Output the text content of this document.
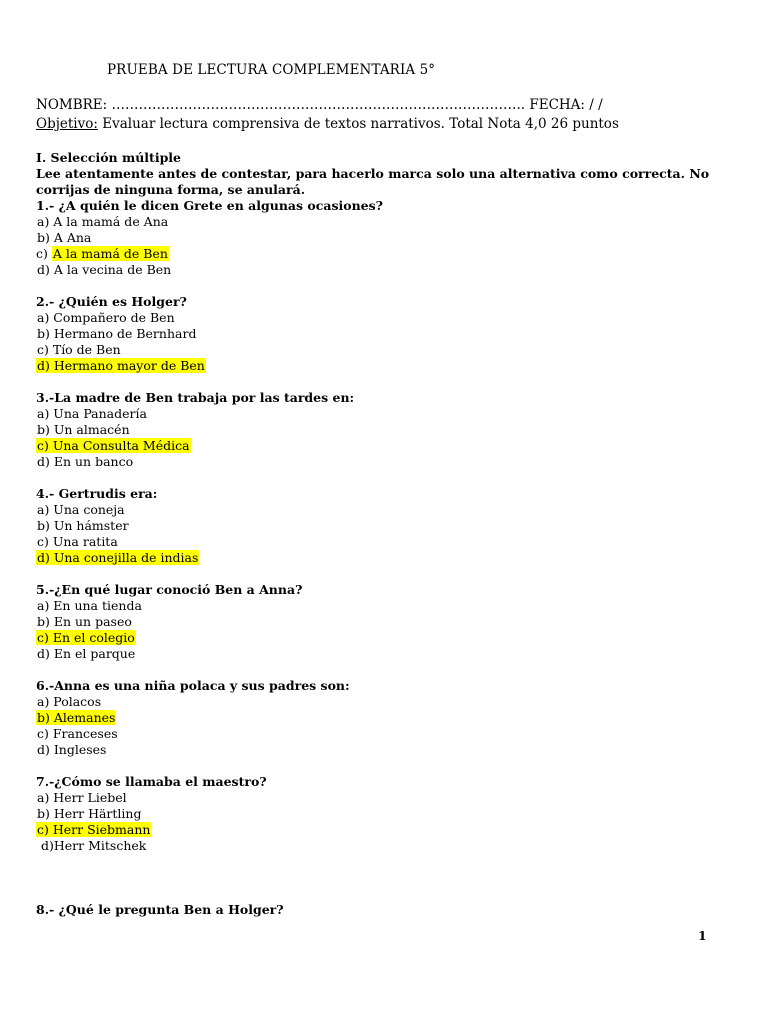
PRUEBA DE LECTURA COMPLEMENTARIA 5°
NOMBRE: ……………………………………………………………………………….. FECHA: / /
Objetivo: Evaluar lectura comprensiva de textos narrativos. Total Nota 4,0 26 puntos
I. Selección múltiple
Lee atentamente antes de contestar, para hacerlo marca solo una alternativa como correcta. No corrijas de ninguna forma, se anulará.
1.- ¿A quién le dicen Grete en algunas ocasiones?
a) A la mamá de Ana
b) A Ana
c) A la mamá de Ben
d) A la vecina de Ben
2.- ¿Quién es Holger?
a) Compañero de Ben
b) Hermano de Bernhard
c) Tío de Ben
d) Hermano mayor de Ben
3.-La madre de Ben trabaja por las tardes en:
a) Una Panadería
b) Un almacén
c) Una Consulta Médica
d) En un banco
4.- Gertrudis era:
a) Una coneja
b) Un hámster
c) Una ratita
d) Una conejilla de indias
5.-¿En qué lugar conoció Ben a Anna?
a) En una tienda
b) En un paseo
c) En el colegio
d) En el parque
6.-Anna es una niña polaca y sus padres son:
a) Polacos
b) Alemanes
c) Franceses
d) Ingleses
7.-¿Cómo se llamaba el maestro?
a) Herr Liebel
b) Herr Härtling
c) Herr Siebmann
d)Herr Mitschek
8.- ¿Qué le pregunta Ben a Holger?
1
